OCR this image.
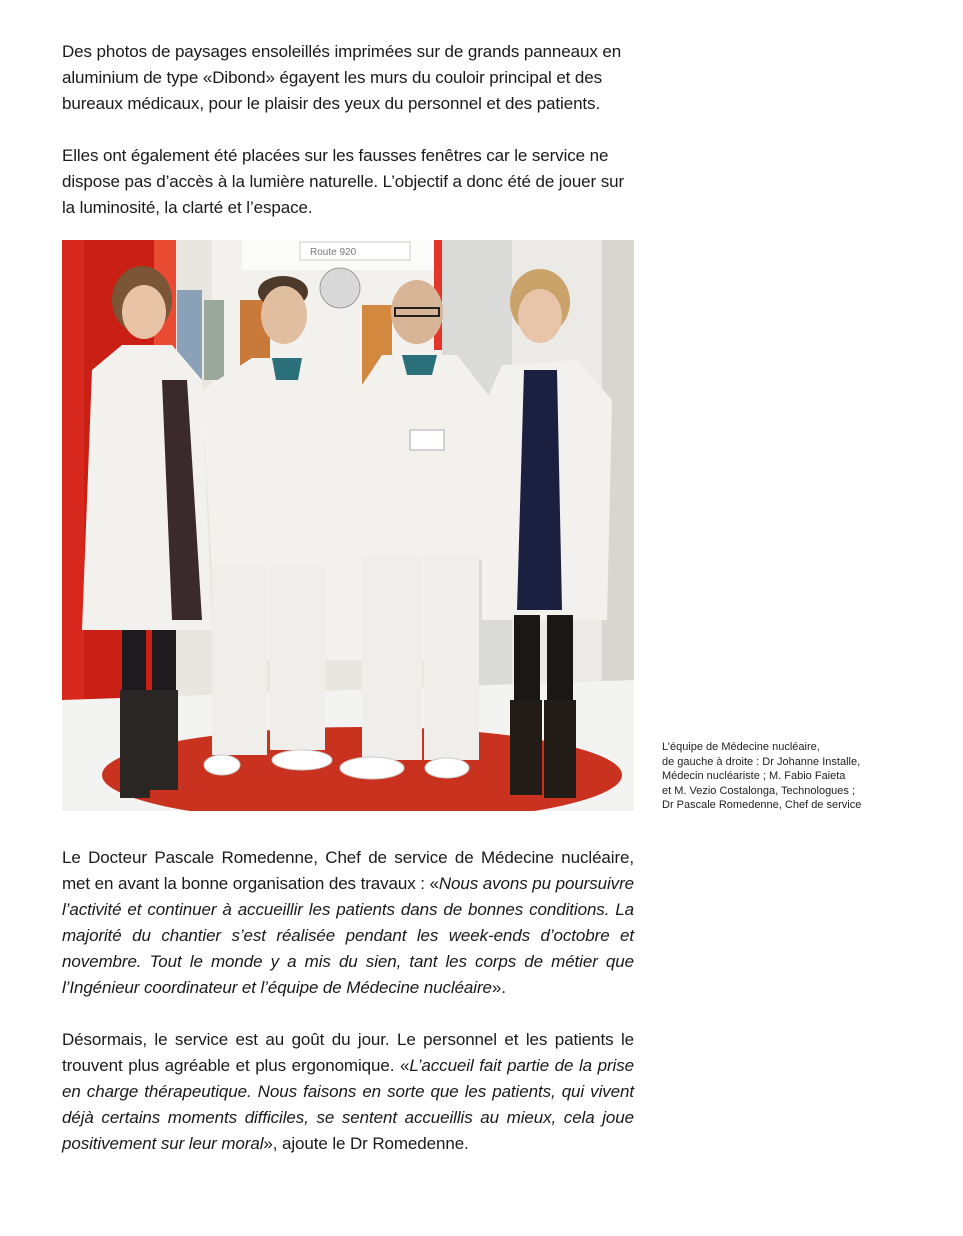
Des photos de paysages ensoleillés imprimées sur de grands panneaux en aluminium de type «Dibond» égayent les murs du couloir principal et des bureaux médicaux, pour le plaisir des yeux du personnel et des patients.

Elles ont également été placées sur les fausses fenêtres car le service ne dispose pas d’accès à la lumière naturelle. L’objectif a donc été de jouer sur la luminosité, la clarté et l’espace.

Route 920
L’équipe de Médecine nucléaire,
de gauche à droite : Dr Johanne Installe,
Médecin nucléariste ; M. Fabio Faieta
et M. Vezio Costalonga, Technologues ;
Dr Pascale Romedenne, Chef de service

Le Docteur Pascale Romedenne, Chef de service de Médecine nucléaire, met en avant la bonne organisation des travaux : «Nous avons pu poursuivre l’activité et continuer à accueillir les patients dans de bonnes conditions. La majorité du chantier s’est réalisée pendant les week-ends d’octobre et novembre. Tout le monde y a mis du sien, tant les corps de métier que l’Ingénieur coordinateur et l’équipe de Médecine nucléaire».

Désormais, le service est au goût du jour. Le personnel et les patients le trouvent plus agréable et plus ergonomique. «L’accueil fait partie de la prise en charge thérapeutique. Nous faisons en sorte que les patients, qui vivent déjà certains moments difficiles, se sentent accueillis au mieux, cela joue positivement sur leur moral», ajoute le Dr Romedenne.
